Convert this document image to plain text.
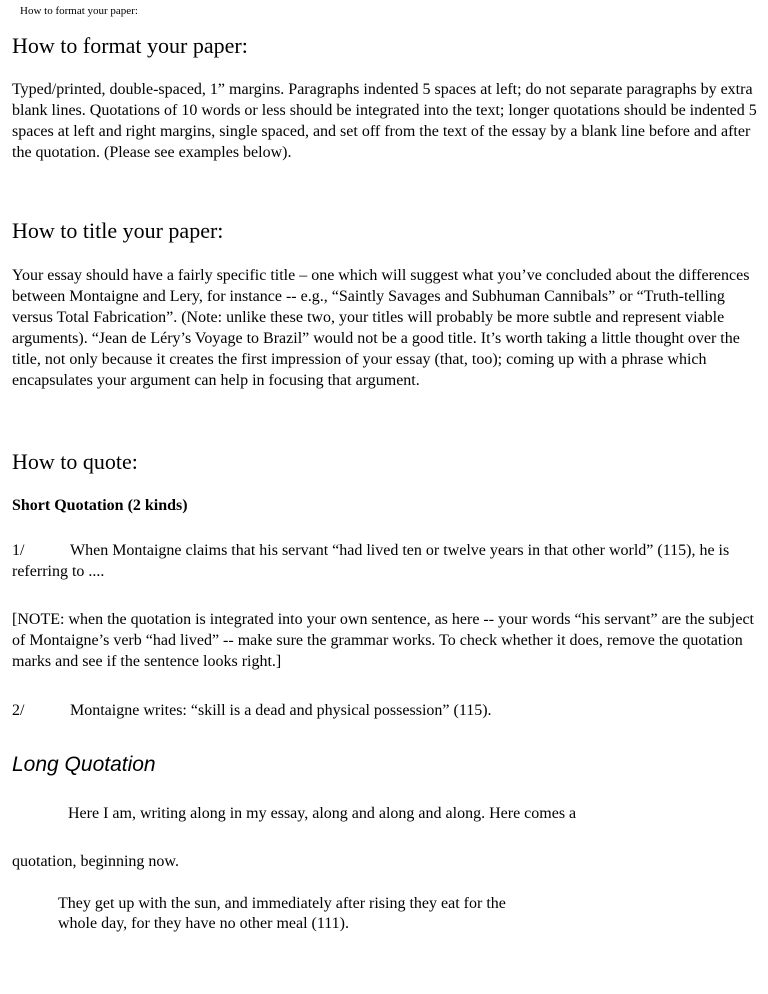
How to format your paper:
How to format your paper:

Typed/printed, double-spaced, 1” margins. Paragraphs indented 5 spaces at left; do not separate paragraphs by extra blank lines. Quotations of 10 words or less should be integrated into the text; longer quotations should be indented 5 spaces at left and right margins, single spaced, and set off from the text of the essay by a blank line before and after the quotation. (Please see examples below).

How to title your paper:

Your essay should have a fairly specific title – one which will suggest what you’ve concluded about the differences between Montaigne and Lery, for instance -- e.g., “Saintly Savages and Subhuman Cannibals” or “Truth-telling versus Total Fabrication”. (Note: unlike these two, your titles will probably be more subtle and represent viable arguments). “Jean de Léry’s Voyage to Brazil” would not be a good title. It’s worth taking a little thought over the title, not only because it creates the first impression of your essay (that, too); coming up with a phrase which encapsulates your argument can help in focusing that argument.

How to quote:

Short Quotation (2 kinds)

1/	When Montaigne claims that his servant “had lived ten or twelve years in that other world” (115), he is referring to ....

[NOTE: when the quotation is integrated into your own sentence, as here -- your words “his servant” are the subject of Montaigne’s verb “had lived” -- make sure the grammar works. To check whether it does, remove the quotation marks and see if the sentence looks right.]

2/	Montaigne writes: “skill is a dead and physical possession” (115).

Long Quotation

Here I am, writing along in my essay, along and along and along. Here comes a

quotation, beginning now.

They get up with the sun, and immediately after rising they eat for the

whole day, for they have no other meal (111).
